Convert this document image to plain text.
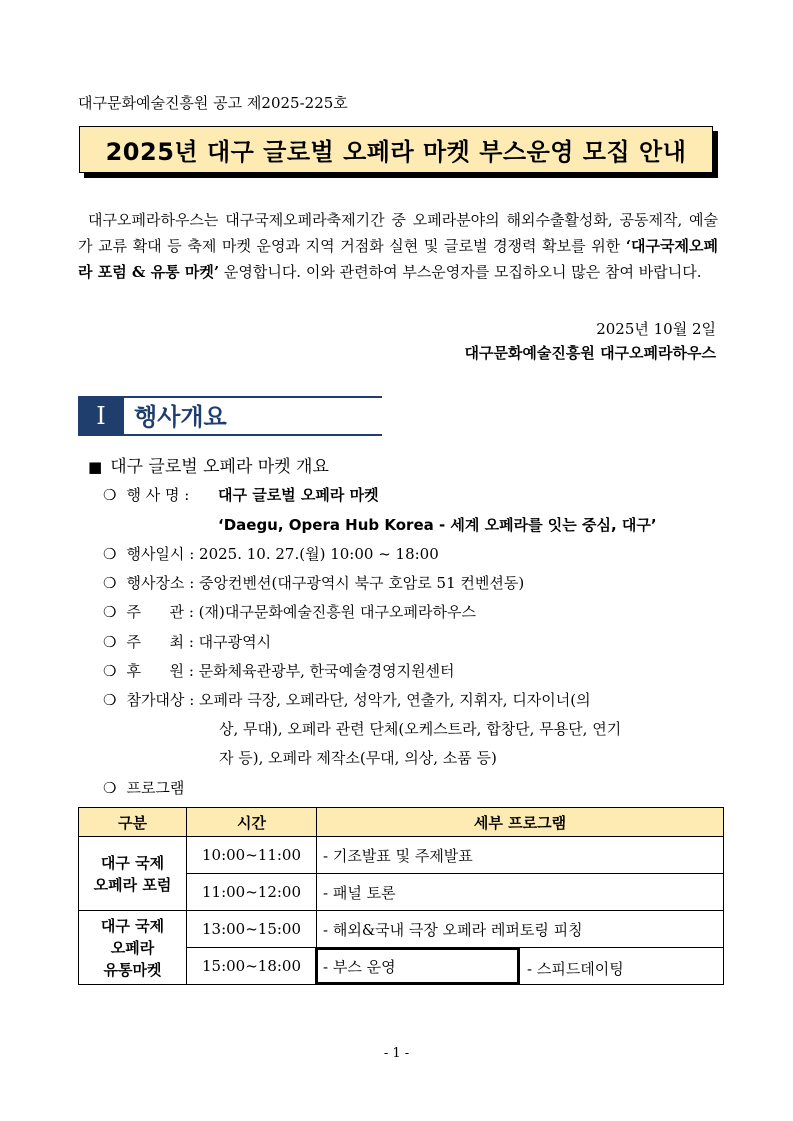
대구문화예술진흥원 공고 제2025-225호
2025년 대구 글로벌 오페라 마켓 부스운영 모집 안내
대구오페라하우스는 대구국제오페라축제기간 중 오페라분야의 해외수출활성화, 공동제작, 예술가 교류 확대 등 축제 마켓 운영과 지역 거점화 실현 및 글로벌 경쟁력 확보를 위한 ‘대구국제오페라 포럼 & 유통 마켓’ 운영합니다. 이와 관련하여 부스운영자를 모집하오니 많은 참여 바랍니다.
2025년 10월 2일
대구문화예술진흥원 대구오페라하우스
Ⅰ	행사개요
■ 대구 글로벌 오페라 마켓 개요
❍ 행 사 명 : 대구 글로벌 오페라 마켓
‘Daegu, Opera Hub Korea - 세계 오페라를 잇는 중심, 대구’
❍ 행사일시 : 2025. 10. 27.(월) 10:00 ~ 18:00
❍ 행사장소 : 중앙컨벤션(대구광역시 북구 호암로 51 컨벤션동)
❍ 주      관 : (재)대구문화예술진흥원 대구오페라하우스
❍ 주      최 : 대구광역시
❍ 후      원 : 문화체육관광부, 한국예술경영지원센터
❍ 참가대상 : 오페라 극장, 오페라단, 성악가, 연출가, 지휘자, 디자이너(의
상, 무대), 오페라 관련 단체(오케스트라, 합창단, 무용단, 연기
자 등), 오페라 제작소(무대, 의상, 소품 등)
❍ 프로그램
구분	시간	세부 프로그램

대구 국제
오페라 포럼	10:00~11:00	- 기조발표 및 주제발표
	11:00~12:00	- 패널 토론

대구 국제
오페라
유통마켓	13:00~15:00	- 해외&국내 극장 오페라 레퍼토링 피칭
	15:00~18:00	- 부스 운영	- 스피드데이팅
- 1 -
